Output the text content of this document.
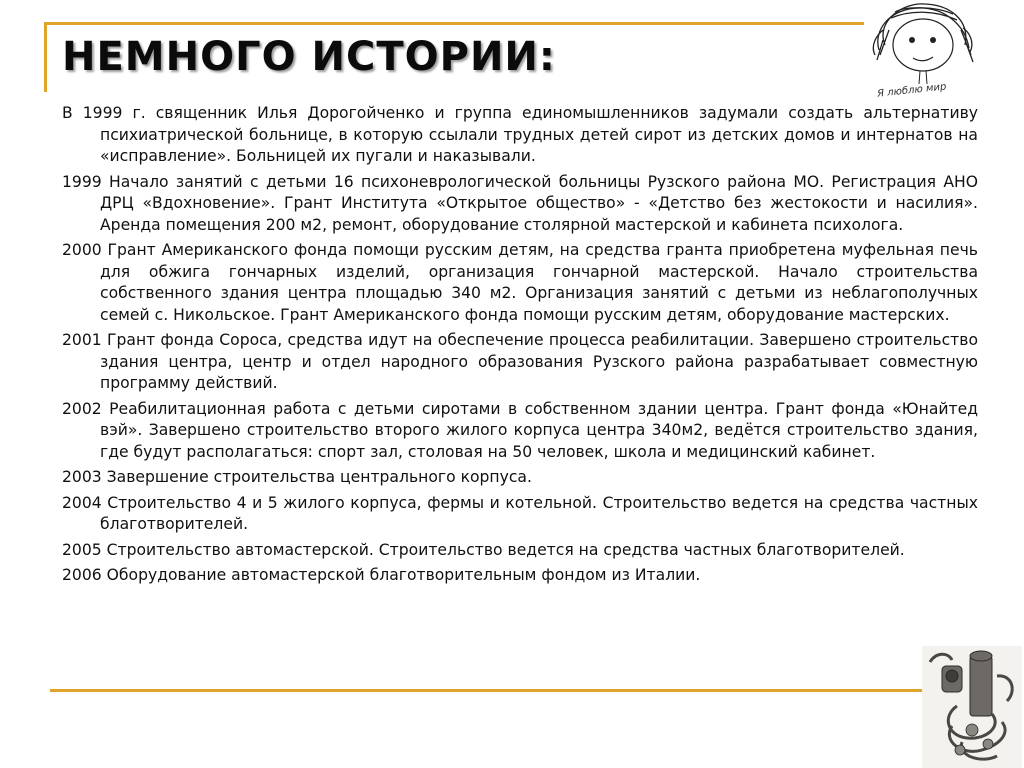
НЕМНОГО ИСТОРИИ:
Я люблю мир

В 1999 г. священник Илья Дорогойченко и группа единомышленников задумали создать альтернативу психиатрической больнице, в которую ссылали трудных детей сирот из детских домов и интернатов на «исправление». Больницей их пугали и наказывали.

1999 Начало занятий с детьми 16 психоневрологической больницы Рузского района МО. Регистрация АНО ДРЦ «Вдохновение». Грант Института «Открытое общество» - «Детство без жестокости и насилия». Аренда помещения 200 м2, ремонт, оборудование столярной мастерской и кабинета психолога.

2000 Грант Американского фонда помощи русским детям, на средства гранта приобретена муфельная печь для обжига гончарных изделий, организация гончарной мастерской. Начало строительства собственного здания центра площадью 340 м2. Организация занятий с детьми из неблагополучных семей с. Никольское. Грант Американского фонда помощи русским детям, оборудование мастерских.

2001 Грант фонда Сороса, средства идут на обеспечение процесса реабилитации. Завершено строительство здания центра, центр и отдел народного образования Рузского района разрабатывает совместную программу действий.

2002 Реабилитационная работа с детьми сиротами в собственном здании центра. Грант фонда «Юнайтед вэй». Завершено строительство второго жилого корпуса центра 340м2, ведётся строительство здания, где будут располагаться: спорт зал, столовая на 50 человек, школа и медицинский кабинет.

2003 Завершение строительства центрального корпуса.

2004 Строительство 4 и 5 жилого корпуса, фермы и котельной. Строительство ведется на средства частных благотворителей.

2005 Строительство автомастерской. Строительство ведется на средства частных благотворителей.

2006 Оборудование автомастерской благотворительным фондом из Италии.
